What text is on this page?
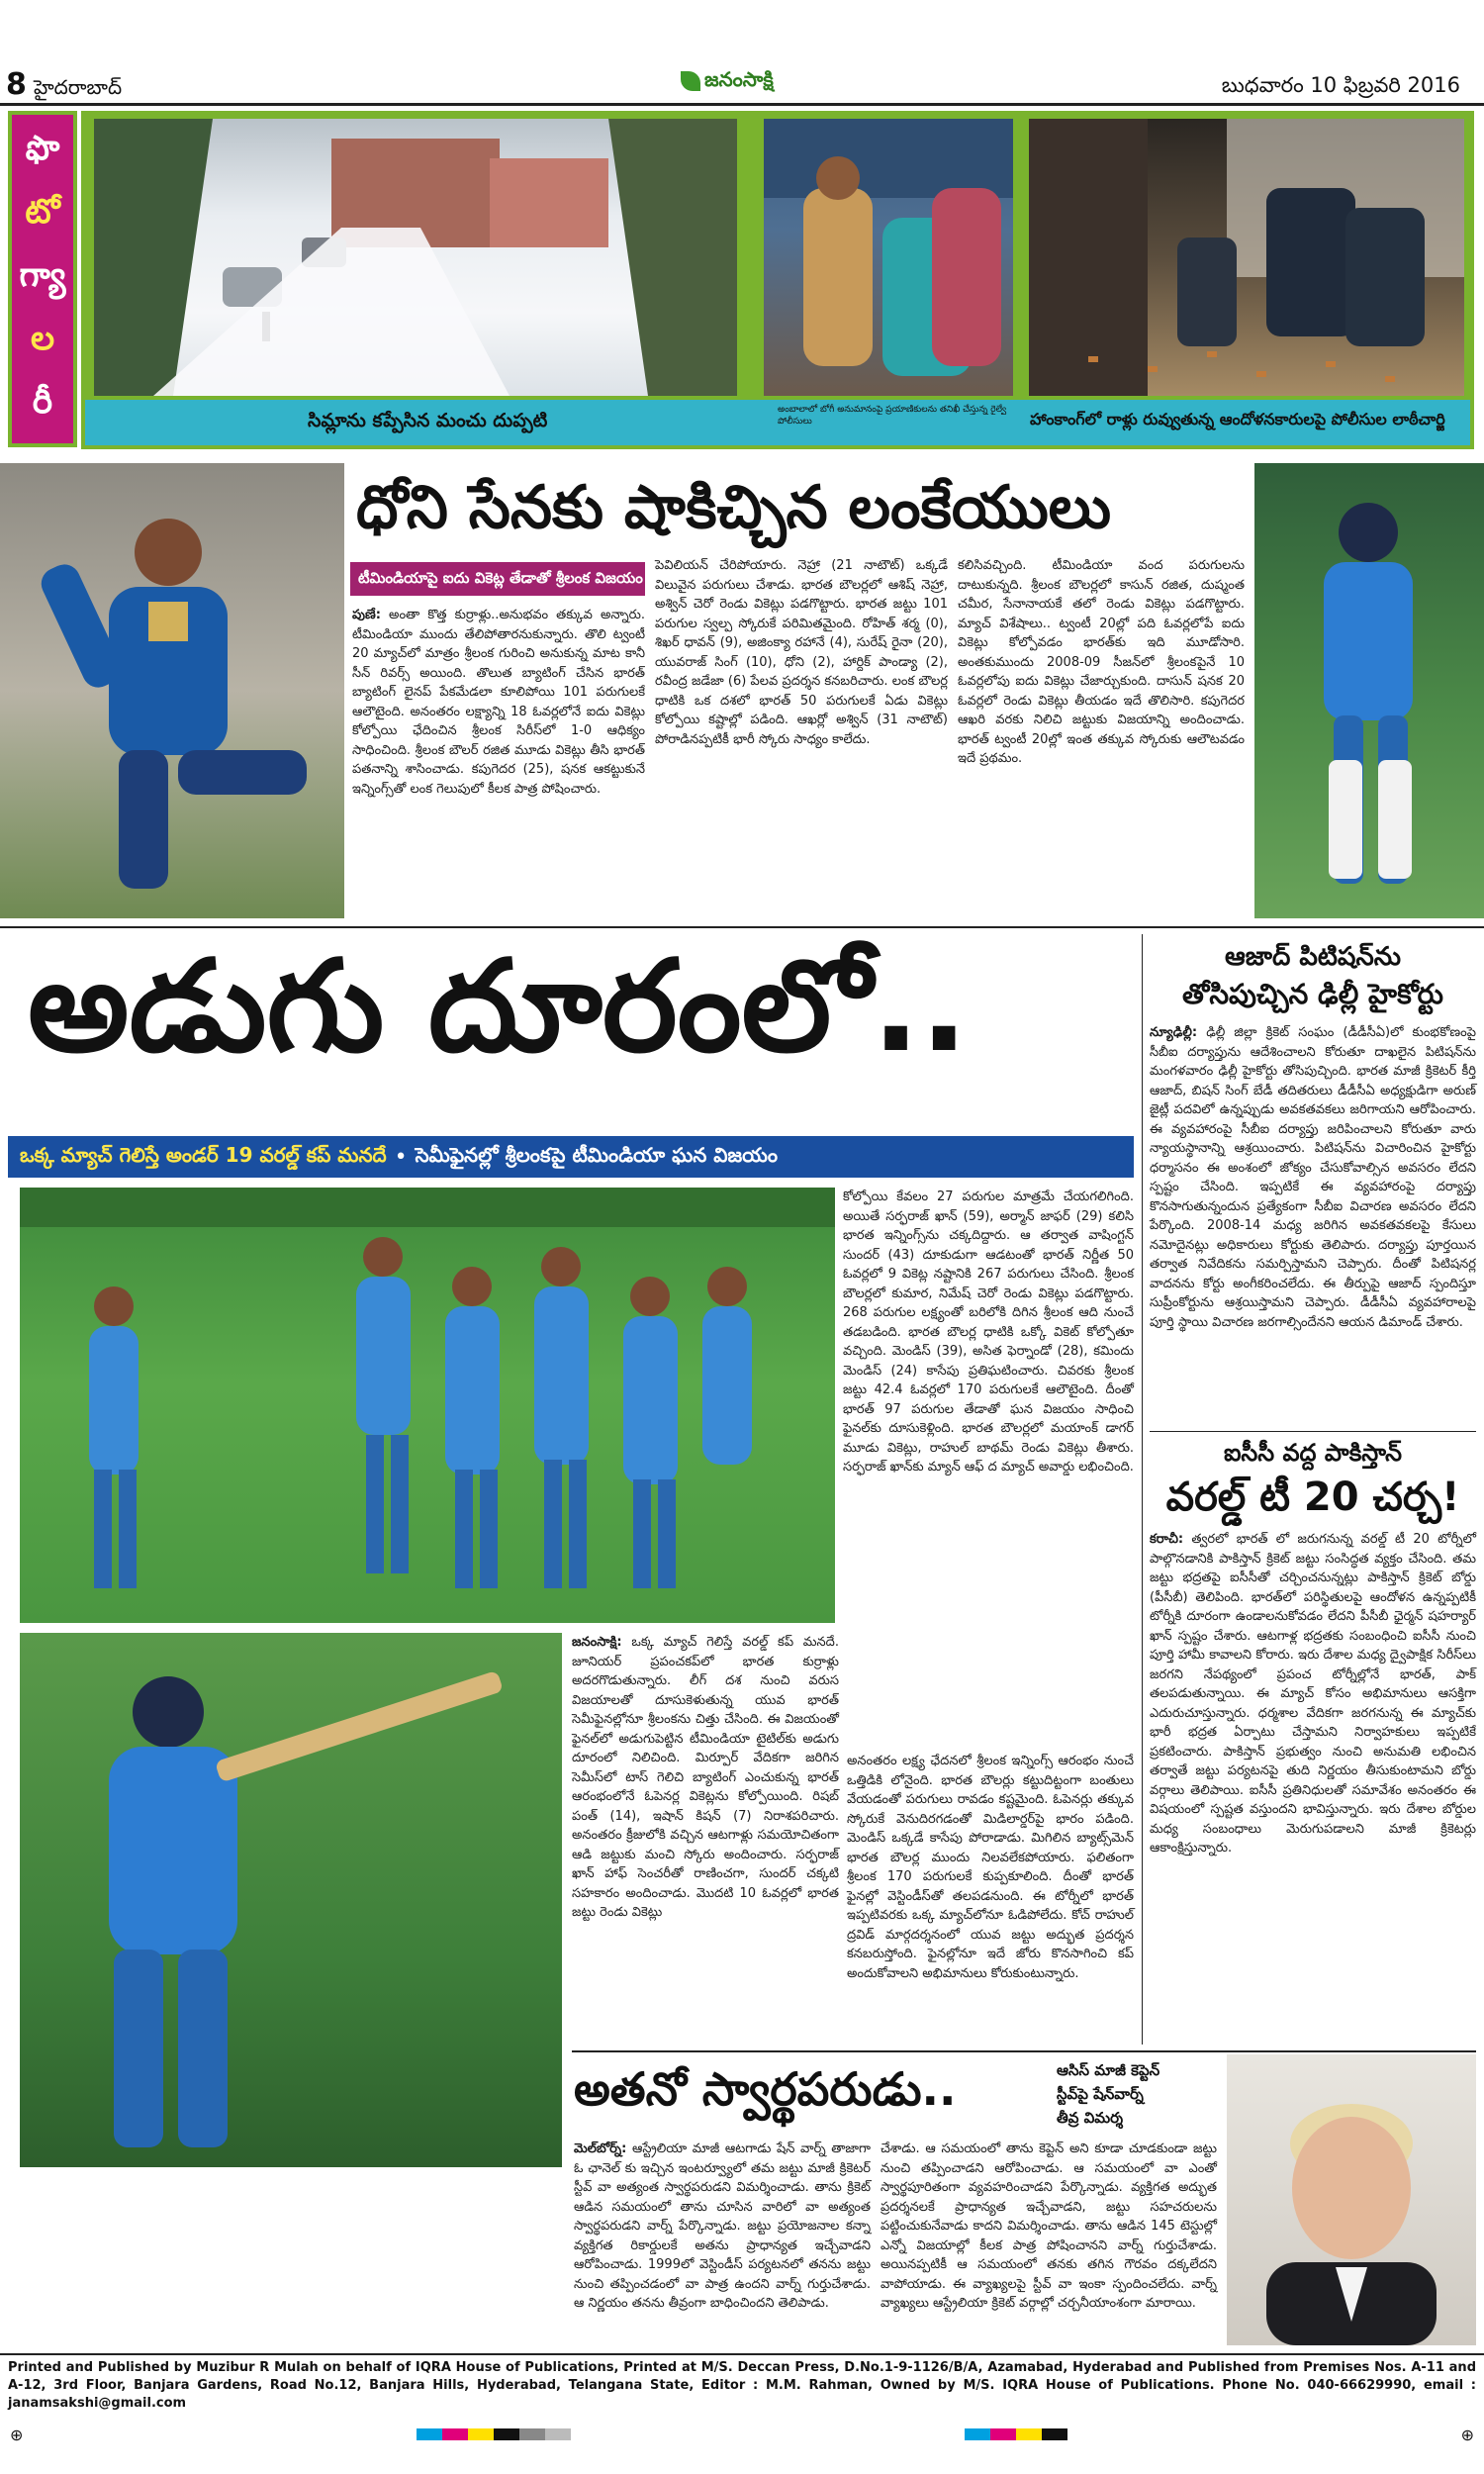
8 హైదరాబాద్	జనంసాక్షి	బుధవారం 10 ఫిబ్రవరి 2016
ఫొ
టో
గ్యా
ల
రీ	సిమ్లాను కప్పేసిన మంచు దుప్పటి	అంబాలాలో బోగీ అనుమానంపై ప్రయాణికులను తనిఖీ చేస్తున్న రైల్వే పోలీసులు	హాంకాంగ్‌లో రాళ్లు రువ్వుతున్న ఆందోళనకారులపై పోలీసుల లాఠీచార్జి
ధోని సేనకు షాకిచ్చిన లంకేయులు
టీమిండియాపై ఐదు వికెట్ల తేడాతో శ్రీలంక విజయం
పుణే: అంతా కొత్త కుర్రాళ్లు..అనుభవం తక్కువ అన్నారు. టీమిండియా ముందు తేలిపోతారనుకున్నారు. తొలి ట్వంటీ 20 మ్యాచ్‌లో మాత్రం శ్రీలంక గురించి అనుకున్న మాట కానీ సీన్ రివర్స్ అయింది. తొలుత బ్యాటింగ్ చేసిన భారత్ బ్యాటింగ్ లైనప్ పేకమేడలా కూలిపోయి 101 పరుగులకే ఆలౌటైంది. అనంతరం లక్ష్యాన్ని 18 ఓవర్లలోనే ఐదు వికెట్లు కోల్పోయి ఛేదించిన శ్రీలంక సిరీస్‌లో 1-0 ఆధిక్యం సాధించింది. శ్రీలంక బౌలర్ రజిత మూడు వికెట్లు తీసి భారత్ పతనాన్ని శాసించాడు. కపుగెదర (25), షనక ఆకట్టుకునే ఇన్నింగ్స్‌తో లంక గెలుపులో కీలక పాత్ర పోషించారు.
పెవిలియన్ చేరిపోయారు. నెహ్రా (21 నాటౌట్) ఒక్కడే విలువైన పరుగులు చేశాడు. భారత బౌలర్లలో ఆశిష్ నెహ్రా, అశ్విన్ చెరో రెండు వికెట్లు పడగొట్టారు. భారత జట్టు 101 పరుగుల స్వల్ప స్కోరుకే పరిమితమైంది. రోహిత్ శర్మ (0), శిఖర్ ధావన్ (9), అజింక్యా రహానే (4), సురేష్ రైనా (20), యువరాజ్ సింగ్ (10), ధోని (2), హార్దిక్ పాండ్యా (2), రవీంద్ర జడేజా (6) పేలవ ప్రదర్శన కనబరిచారు. లంక బౌలర్ల ధాటికి ఒక దశలో భారత్ 50 పరుగులకే ఏడు వికెట్లు కోల్పోయి కష్టాల్లో పడింది. ఆఖర్లో అశ్విన్ (31 నాటౌట్) పోరాడినప్పటికీ భారీ స్కోరు సాధ్యం కాలేదు.
కలిసివచ్చింది. టీమిండియా వంద పరుగులను దాటుకున్నది. శ్రీలంక బౌలర్లలో కాసున్ రజిత, దుష్మంత చమీర, సేనానాయకే తలో రెండు వికెట్లు పడగొట్టారు. మ్యాచ్ విశేషాలు.. ట్వంటీ 20ల్లో పది ఓవర్లలోపే ఐదు వికెట్లు కోల్పోవడం భారత్‌కు ఇది మూడోసారి. అంతకుముందు 2008-09 సీజన్‌లో శ్రీలంకపైనే 10 ఓవర్లలోపు ఐదు వికెట్లు చేజార్చుకుంది. దాసున్ షనక 20 ఓవర్లలో రెండు వికెట్లు తీయడం ఇదే తొలిసారి. కపుగెదర ఆఖరి వరకు నిలిచి జట్టుకు విజయాన్ని అందించాడు. భారత్ ట్వంటీ 20ల్లో ఇంత తక్కువ స్కోరుకు ఆలౌటవడం ఇదే ప్రథమం.
అడుగు దూరంలో..
ఒక్క మ్యాచ్ గెలిస్తే అండర్ 19 వరల్డ్ కప్ మనదే • సెమీఫైనల్లో శ్రీలంకపై టీమిండియా ఘన విజయం
కోల్పోయి కేవలం 27 పరుగుల మాత్రమే చేయగలిగింది. అయితే సర్ఫరాజ్ ఖాన్ (59), అర్మాన్ జాఫర్ (29) కలిసి భారత ఇన్నింగ్స్‌ను చక్కదిద్దారు. ఆ తర్వాత వాషింగ్టన్ సుందర్ (43) దూకుడుగా ఆడటంతో భారత్ నిర్ణీత 50 ఓవర్లలో 9 వికెట్ల నష్టానికి 267 పరుగులు చేసింది. శ్రీలంక బౌలర్లలో కుమార, నిమేష్ చెరో రెండు వికెట్లు పడగొట్టారు. 268 పరుగుల లక్ష్యంతో బరిలోకి దిగిన శ్రీలంక ఆది నుంచే తడబడింది. భారత బౌలర్ల ధాటికి ఒక్కో వికెట్ కోల్పోతూ వచ్చింది. మెండిస్ (39), అసిత ఫెర్నాండో (28), కమిందు మెండిస్ (24) కాసేపు ప్రతిఘటించారు. చివరకు శ్రీలంక జట్టు 42.4 ఓవర్లలో 170 పరుగులకే ఆలౌటైంది. దీంతో భారత్ 97 పరుగుల తేడాతో ఘన విజయం సాధించి ఫైనల్‌కు దూసుకెళ్లింది. భారత బౌలర్లలో మయాంక్ డాగర్ మూడు వికెట్లు, రాహుల్ బాథమ్ రెండు వికెట్లు తీశారు. సర్ఫరాజ్ ఖాన్‌కు మ్యాన్ ఆఫ్ ద మ్యాచ్ అవార్డు లభించింది.
జనంసాక్షి: ఒక్క మ్యాచ్ గెలిస్తే వరల్డ్ కప్ మనదే. జూనియర్ ప్రపంచకప్‌లో భారత కుర్రాళ్లు అదరగొడుతున్నారు. లీగ్ దశ నుంచి వరుస విజయాలతో దూసుకెళుతున్న యువ భారత్ సెమీఫైనల్లోనూ శ్రీలంకను చిత్తు చేసింది. ఈ విజయంతో ఫైనల్‌లో అడుగుపెట్టిన టీమిండియా టైటిల్‌కు అడుగు దూరంలో నిలిచింది. మిర్పూర్ వేదికగా జరిగిన సెమీస్‌లో టాస్ గెలిచి బ్యాటింగ్ ఎంచుకున్న భారత్ ఆరంభంలోనే ఓపెనర్ల వికెట్లను కోల్పోయింది. రిషబ్ పంత్ (14), ఇషాన్ కిషన్ (7) నిరాశపరిచారు. అనంతరం క్రీజులోకి వచ్చిన ఆటగాళ్లు సమయోచితంగా ఆడి జట్టుకు మంచి స్కోరు అందించారు. సర్ఫరాజ్ ఖాన్ హాఫ్ సెంచరీతో రాణించగా, సుందర్ చక్కటి సహకారం అందించాడు. మొదటి 10 ఓవర్లలో భారత జట్టు రెండు వికెట్లు
అనంతరం లక్ష్య ఛేదనలో శ్రీలంక ఇన్నింగ్స్ ఆరంభం నుంచే ఒత్తిడికి లోనైంది. భారత బౌలర్లు కట్టుదిట్టంగా బంతులు వేయడంతో పరుగులు రావడం కష్టమైంది. ఓపెనర్లు తక్కువ స్కోరుకే వెనుదిరగడంతో మిడిలార్డర్‌పై భారం పడింది. మెండిస్ ఒక్కడే కాసేపు పోరాడాడు. మిగిలిన బ్యాట్స్‌మెన్ భారత బౌలర్ల ముందు నిలవలేకపోయారు. ఫలితంగా శ్రీలంక 170 పరుగులకే కుప్పకూలింది. దీంతో భారత్ ఫైనల్లో వెస్టిండీస్‌తో తలపడనుంది. ఈ టోర్నీలో భారత్ ఇప్పటివరకు ఒక్క మ్యాచ్‌లోనూ ఓడిపోలేదు. కోచ్ రాహుల్ ద్రవిడ్ మార్గదర్శనంలో యువ జట్టు అద్భుత ప్రదర్శన కనబరుస్తోంది. ఫైనల్లోనూ ఇదే జోరు కొనసాగించి కప్ అందుకోవాలని అభిమానులు కోరుకుంటున్నారు.
ఆజాద్ పిటిషన్‌ను
తోసిపుచ్చిన ఢిల్లీ హైకోర్టు
న్యూఢిల్లీ: ఢిల్లీ జిల్లా క్రికెట్ సంఘం (డీడీసీఏ)లో కుంభకోణంపై సీబీఐ దర్యాప్తును ఆదేశించాలని కోరుతూ దాఖలైన పిటిషన్‌ను మంగళవారం ఢిల్లీ హైకోర్టు తోసిపుచ్చింది. భారత మాజీ క్రికెటర్ కీర్తి ఆజాద్, బిషన్ సింగ్ బేడీ తదితరులు డీడీసీఏ అధ్యక్షుడిగా అరుణ్ జైట్లీ పదవిలో ఉన్నప్పుడు అవకతవకలు జరిగాయని ఆరోపించారు. ఈ వ్యవహారంపై సీబీఐ దర్యాప్తు జరిపించాలని కోరుతూ వారు న్యాయస్థానాన్ని ఆశ్రయించారు. పిటిషన్‌ను విచారించిన హైకోర్టు ధర్మాసనం ఈ అంశంలో జోక్యం చేసుకోవాల్సిన అవసరం లేదని స్పష్టం చేసింది. ఇప్పటికే ఈ వ్యవహారంపై దర్యాప్తు కొనసాగుతున్నందున ప్రత్యేకంగా సీబీఐ విచారణ అవసరం లేదని పేర్కొంది. 2008-14 మధ్య జరిగిన అవకతవకలపై కేసులు నమోదైనట్లు అధికారులు కోర్టుకు తెలిపారు. దర్యాప్తు పూర్తయిన తర్వాత నివేదికను సమర్పిస్తామని చెప్పారు. దీంతో పిటిషనర్ల వాదనను కోర్టు అంగీకరించలేదు. ఈ తీర్పుపై ఆజాద్ స్పందిస్తూ సుప్రీంకోర్టును ఆశ్రయిస్తామని చెప్పారు. డీడీసీఏ వ్యవహారాలపై పూర్తి స్థాయి విచారణ జరగాల్సిందేనని ఆయన డిమాండ్ చేశారు.
ఐసీసీ వద్ద పాకిస్తాన్
వరల్డ్ టీ 20 చర్చ!
కరాచీ: త్వరలో భారత్ లో జరుగనున్న వరల్డ్ టీ 20 టోర్నీలో పాల్గొనడానికి పాకిస్తాన్ క్రికెట్ జట్టు సంసిద్ధత వ్యక్తం చేసింది. తమ జట్టు భద్రతపై ఐసీసీతో చర్చించనున్నట్లు పాకిస్తాన్ క్రికెట్ బోర్డు (పీసీబీ) తెలిపింది. భారత్‌లో పరిస్థితులపై ఆందోళన ఉన్నప్పటికీ టోర్నీకి దూరంగా ఉండాలనుకోవడం లేదని పీసీబీ ఛైర్మన్ షహర్యార్ ఖాన్ స్పష్టం చేశారు. ఆటగాళ్ల భద్రతకు సంబంధించి ఐసీసీ నుంచి పూర్తి హామీ కావాలని కోరారు. ఇరు దేశాల మధ్య ద్వైపాక్షిక సిరీస్‌లు జరగని నేపథ్యంలో ప్రపంచ టోర్నీల్లోనే భారత్, పాక్ తలపడుతున్నాయి. ఈ మ్యాచ్ కోసం అభిమానులు ఆసక్తిగా ఎదురుచూస్తున్నారు. ధర్మశాల వేదికగా జరగనున్న ఈ మ్యాచ్‌కు భారీ భద్రత ఏర్పాటు చేస్తామని నిర్వాహకులు ఇప్పటికే ప్రకటించారు. పాకిస్తాన్ ప్రభుత్వం నుంచి అనుమతి లభించిన తర్వాతే జట్టు పర్యటనపై తుది నిర్ణయం తీసుకుంటామని బోర్డు వర్గాలు తెలిపాయి. ఐసీసీ ప్రతినిధులతో సమావేశం అనంతరం ఈ విషయంలో స్పష్టత వస్తుందని భావిస్తున్నారు. ఇరు దేశాల బోర్డుల మధ్య సంబంధాలు మెరుగుపడాలని మాజీ క్రికెటర్లు ఆకాంక్షిస్తున్నారు.
అతనో స్వార్థపరుడు..	ఆసిస్ మాజీ కెప్టెన్
స్టీవ్‌పై షేన్‌వార్న్
తీవ్ర విమర్శ
మెల్‌బోర్న్: ఆస్ట్రేలియా మాజీ ఆటగాడు షేన్ వార్న్ తాజాగా ఓ ఛానెల్ కు ఇచ్చిన ఇంటర్వ్యూలో తమ జట్టు మాజీ క్రికెటర్ స్టీవ్ వా అత్యంత స్వార్థపరుడని విమర్శించాడు. తాను క్రికెట్ ఆడిన సమయంలో తాను చూసిన వారిలో వా అత్యంత స్వార్థపరుడని వార్న్ పేర్కొన్నాడు. జట్టు ప్రయోజనాల కన్నా వ్యక్తిగత రికార్డులకే అతను ప్రాధాన్యత ఇచ్చేవాడని ఆరోపించాడు. 1999లో వెస్టిండీస్ పర్యటనలో తనను జట్టు నుంచి తప్పించడంలో వా పాత్ర ఉందని వార్న్ గుర్తుచేశాడు. ఆ నిర్ణయం తనను తీవ్రంగా బాధించిందని తెలిపాడు.
చేశాడు. ఆ సమయంలో తాను కెప్టెన్ అని కూడా చూడకుండా జట్టు నుంచి తప్పించాడని ఆరోపించాడు. ఆ సమయంలో వా ఎంతో స్వార్థపూరితంగా వ్యవహరించాడని పేర్కొన్నాడు. వ్యక్తిగత అద్భుత ప్రదర్శనలకే ప్రాధాన్యత ఇచ్చేవాడని, జట్టు సహచరులను పట్టించుకునేవాడు కాదని విమర్శించాడు. తాను ఆడిన 145 టెస్టుల్లో ఎన్నో విజయాల్లో కీలక పాత్ర పోషించానని వార్న్ గుర్తుచేశాడు. అయినప్పటికీ ఆ సమయంలో తనకు తగిన గౌరవం దక్కలేదని వాపోయాడు. ఈ వ్యాఖ్యలపై స్టీవ్ వా ఇంకా స్పందించలేదు. వార్న్ వ్యాఖ్యలు ఆస్ట్రేలియా క్రికెట్ వర్గాల్లో చర్చనీయాంశంగా మారాయి.
Printed and Published by Muzibur R Mulah on behalf of IQRA House of Publications, Printed at M/S. Deccan Press, D.No.1-9-1126/B/A, Azamabad, Hyderabad and Published from Premises Nos. A-11 and A-12, 3rd Floor, Banjara Gardens, Road No.12, Banjara Hills, Hyderabad, Telangana State, Editor : M.M. Rahman, Owned by M/S. IQRA House of Publications. Phone No. 040-66629990, email : janamsakshi@gmail.com
⊕	⊕
